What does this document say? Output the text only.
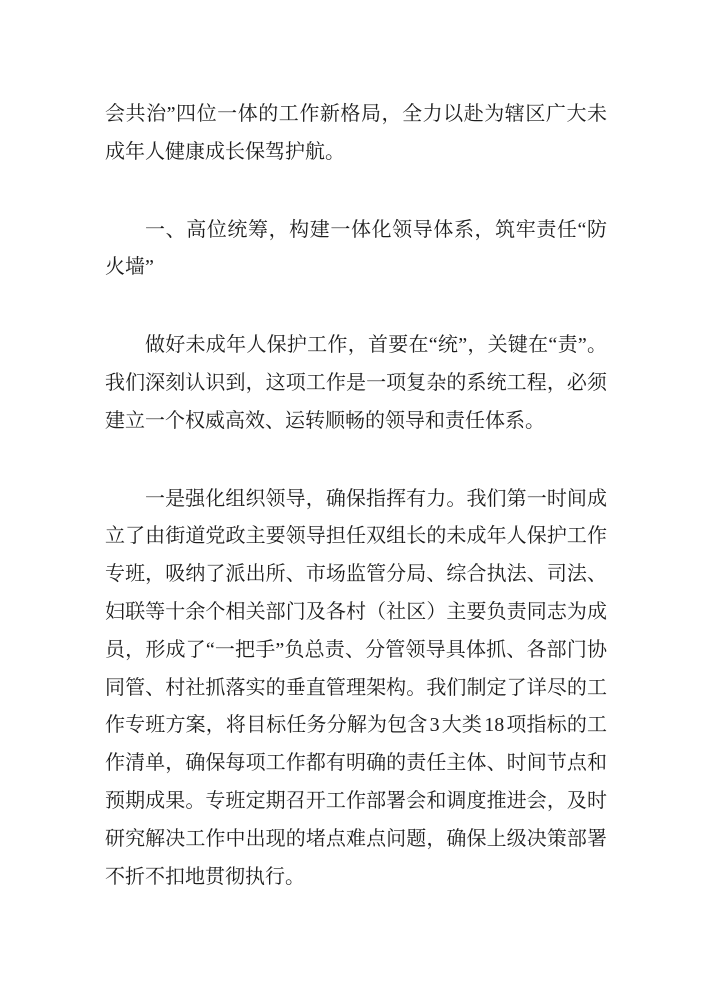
会共治”四位一体的工作新格局，全力以赴为辖区广大未成年人健康成长保驾护航。

一、高位统筹，构建一体化领导体系，筑牢责任“防火墙”

做好未成年人保护工作，首要在“统”，关键在“责”。我们深刻认识到，这项工作是一项复杂的系统工程，必须建立一个权威高效、运转顺畅的领导和责任体系。

一是强化组织领导，确保指挥有力。我们第一时间成立了由街道党政主要领导担任双组长的未成年人保护工作专班，吸纳了派出所、市场监管分局、综合执法、司法、妇联等十余个相关部门及各村（社区）主要负责同志为成员，形成了“一把手”负总责、分管领导具体抓、各部门协同管、村社抓落实的垂直管理架构。我们制定了详尽的工作专班方案，将目标任务分解为包含 3 大类 18 项指标的工作清单，确保每项工作都有明确的责任主体、时间节点和预期成果。专班定期召开工作部署会和调度推进会，及时研究解决工作中出现的堵点难点问题，确保上级决策部署不折不扣地贯彻执行。
